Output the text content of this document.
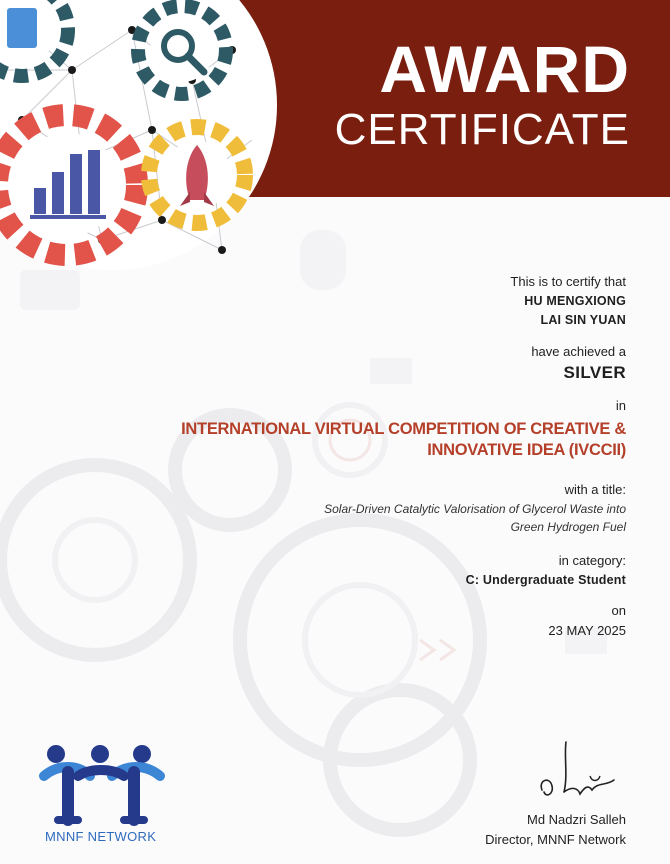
AWARD
CERTIFICATE
This is to certify that
HU MENGXIONG
LAI SIN YUAN
have achieved a
SILVER
in
INTERNATIONAL VIRTUAL COMPETITION OF CREATIVE &
INNOVATIVE IDEA (IVCCII)
with a title:
Solar-Driven Catalytic Valorisation of Glycerol Waste into
Green Hydrogen Fuel
in category:
C: Undergraduate Student
on
23 MAY 2025
Md Nadzri Salleh
Director, MNNF Network
MNNF NETWORK
